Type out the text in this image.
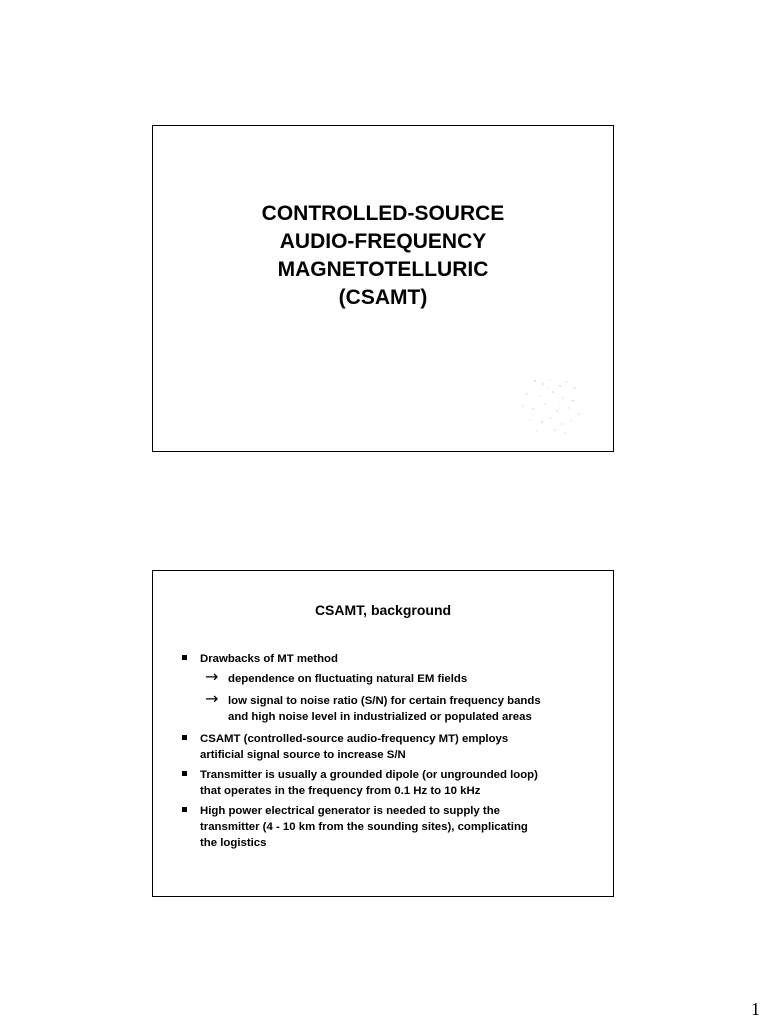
CONTROLLED-SOURCE
AUDIO-FREQUENCY
MAGNETOTELLURIC
(CSAMT)
CSAMT, background
Drawbacks of MT method
→ dependence on fluctuating natural EM fields
→ low signal to noise ratio (S/N) for certain frequency bands
and high noise level in industrialized or populated areas
CSAMT (controlled-source audio-frequency MT) employs
artificial signal source to increase S/N
Transmitter is usually a grounded dipole (or ungrounded loop)
that operates in the frequency from 0.1 Hz to 10 kHz
High power electrical generator is needed to supply the
transmitter (4 - 10 km from the sounding sites), complicating
the logistics
1
